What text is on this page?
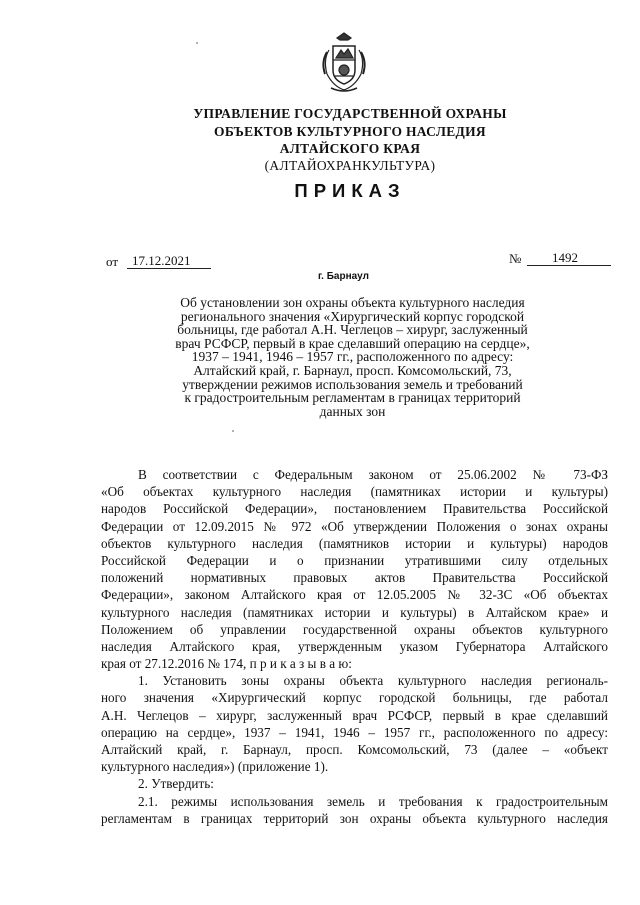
УПРАВЛЕНИЕ ГОСУДАРСТВЕННОЙ ОХРАНЫ
ОБЪЕКТОВ КУЛЬТУРНОГО НАСЛЕДИЯ
АЛТАЙСКОГО КРАЯ
(АЛТАЙОХРАНКУЛЬТУРА)
ПРИКАЗ
от 17.12.2021	№ 1492
г. Барнаул
Об установлении зон охраны объекта культурного наследия
регионального значения «Хирургический корпус городской
больницы, где работал А.Н. Чеглецов – хирург, заслуженный
врач РСФСР, первый в крае сделавший операцию на сердце»,
1937 – 1941, 1946 – 1957 гг., расположенного по адресу:
Алтайский край, г. Барнаул, просп. Комсомольский, 73,
утверждении режимов использования земель и требований
к градостроительным регламентам в границах территорий
данных зон
В соответствии с Федеральным законом от 25.06.2002 № 73-ФЗ
«Об объектах культурного наследия (памятниках истории и культуры)
народов Российской Федерации», постановлением Правительства Российской
Федерации от 12.09.2015 № 972 «Об утверждении Положения о зонах охраны
объектов культурного наследия (памятников истории и культуры) народов
Российской Федерации и о признании утратившими силу отдельных
положений нормативных правовых актов Правительства Российской
Федерации», законом Алтайского края от 12.05.2005 № 32-ЗС «Об объектах
культурного наследия (памятниках истории и культуры) в Алтайском крае» и
Положением об управлении государственной охраны объектов культурного
наследия Алтайского края, утвержденным указом Губернатора Алтайского
края от 27.12.2016 № 174, п р и к а з ы в а ю:
1. Установить зоны охраны объекта культурного наследия региональ-
ного значения «Хирургический корпус городской больницы, где работал
А.Н. Чеглецов – хирург, заслуженный врач РСФСР, первый в крае сделавший
операцию на сердце», 1937 – 1941, 1946 – 1957 гг., расположенного по адресу:
Алтайский край, г. Барнаул, просп. Комсомольский, 73 (далее – «объект
культурного наследия») (приложение 1).
2. Утвердить:
2.1. режимы использования земель и требования к градостроительным
регламентам в границах территорий зон охраны объекта культурного наследия
